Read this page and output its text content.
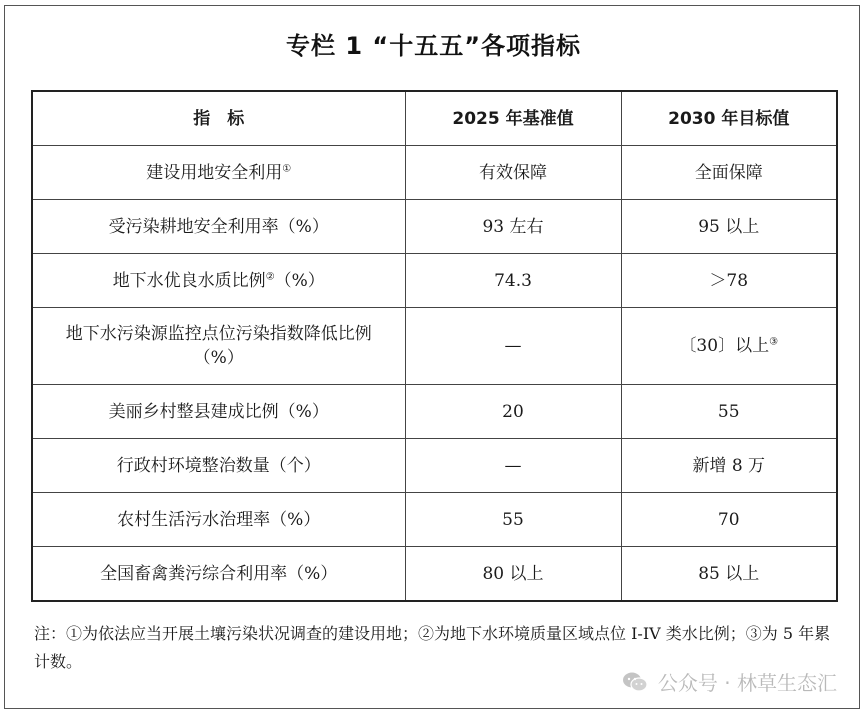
专栏 1 “十五五”各项指标
指　标	2025 年基准值	2030 年目标值
建设用地安全利用①	有效保障	全面保障
受污染耕地安全利用率（%）	93 左右	95 以上
地下水优良水质比例②（%）	74.3	＞78
地下水污染源监控点位污染指数降低比例（%）	—	〔30〕以上③
美丽乡村整县建成比例（%）	20	55
行政村环境整治数量（个）	—	新增 8 万
农村生活污水治理率（%）	55	70
全国畜禽粪污综合利用率（%）	80 以上	85 以上
注：①为依法应当开展土壤污染状况调查的建设用地；②为地下水环境质量区域点位 I-IV 类水比例；③为 5 年累计数。
公众号 · 林草生态汇
